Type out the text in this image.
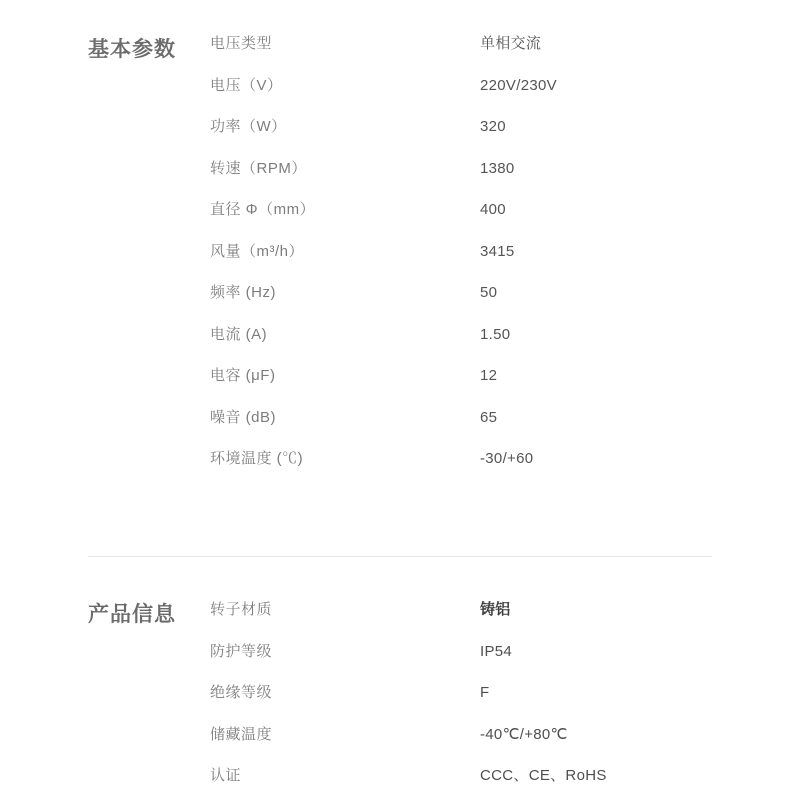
基本参数	电压类型	单相交流
电压（V）	220V/230V
功率（W）	320
转速（RPM）	1380
直径 Φ（mm）	400
风量（m³/h）	3415
频率 (Hz)	50
电流 (A)	1.50
电容 (μF)	12
噪音 (dB)	65
环境温度 (℃)	-30/+60
产品信息	转子材质	铸铝
防护等级	IP54
绝缘等级	F
储藏温度	-40℃/+80℃
认证	CCC、CE、RoHS
